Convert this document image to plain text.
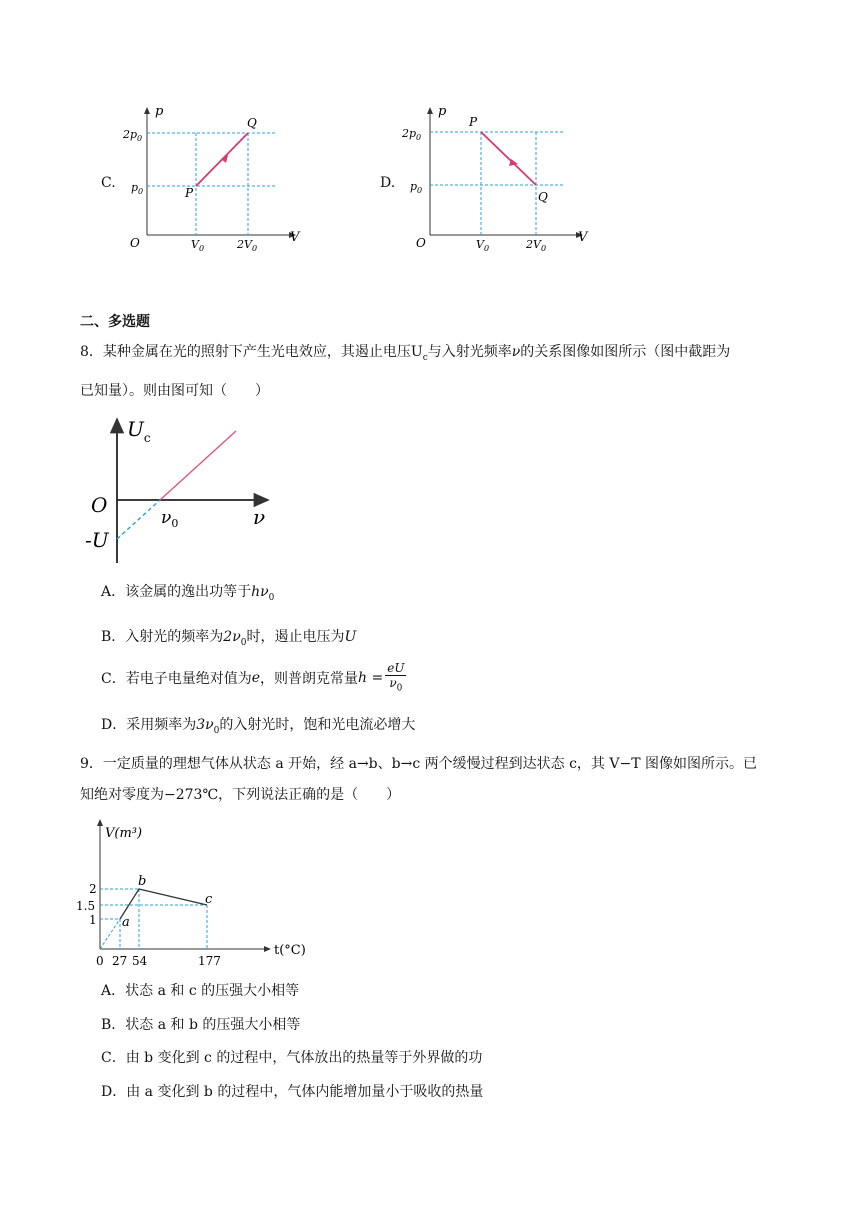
C.
p
V
O
$2p_0$
$p_0$
$V_0$	$2V_0$
P
Q
D.
p
V
O
$2p_0$
$p_0$
$V_0$	$2V_0$
P
Q
二、多选题
8．某种金属在光的照射下产生光电效应，其遏止电压$U_c$与入射光频率ν的关系图像如图所示（图中截距为
已知量）。则由图可知（　　）
$U_c$
ν
O
-U
$\nu_0$
A．该金属的逸出功等于$h\nu_0$
B．入射光的频率为$2\nu_0$时，遏止电压为U
C．若电子电量绝对值为e，则普朗克常量$h = \frac{eU}{\nu_0}$
D．采用频率为$3\nu_0$的入射光时，饱和光电流必增大
9．一定质量的理想气体从状态 a 开始，经 a→b、b→c 两个缓慢过程到达状态 c，其 V−T 图像如图所示。已
知绝对零度为−273℃，下列说法正确的是（　　）
V(m³)
t(°C)
2
1.5
1
0 27 54	177
a
b
c
A．状态 a 和 c 的压强大小相等
B．状态 a 和 b 的压强大小相等
C．由 b 变化到 c 的过程中，气体放出的热量等于外界做的功
D．由 a 变化到 b 的过程中，气体内能增加量小于吸收的热量
